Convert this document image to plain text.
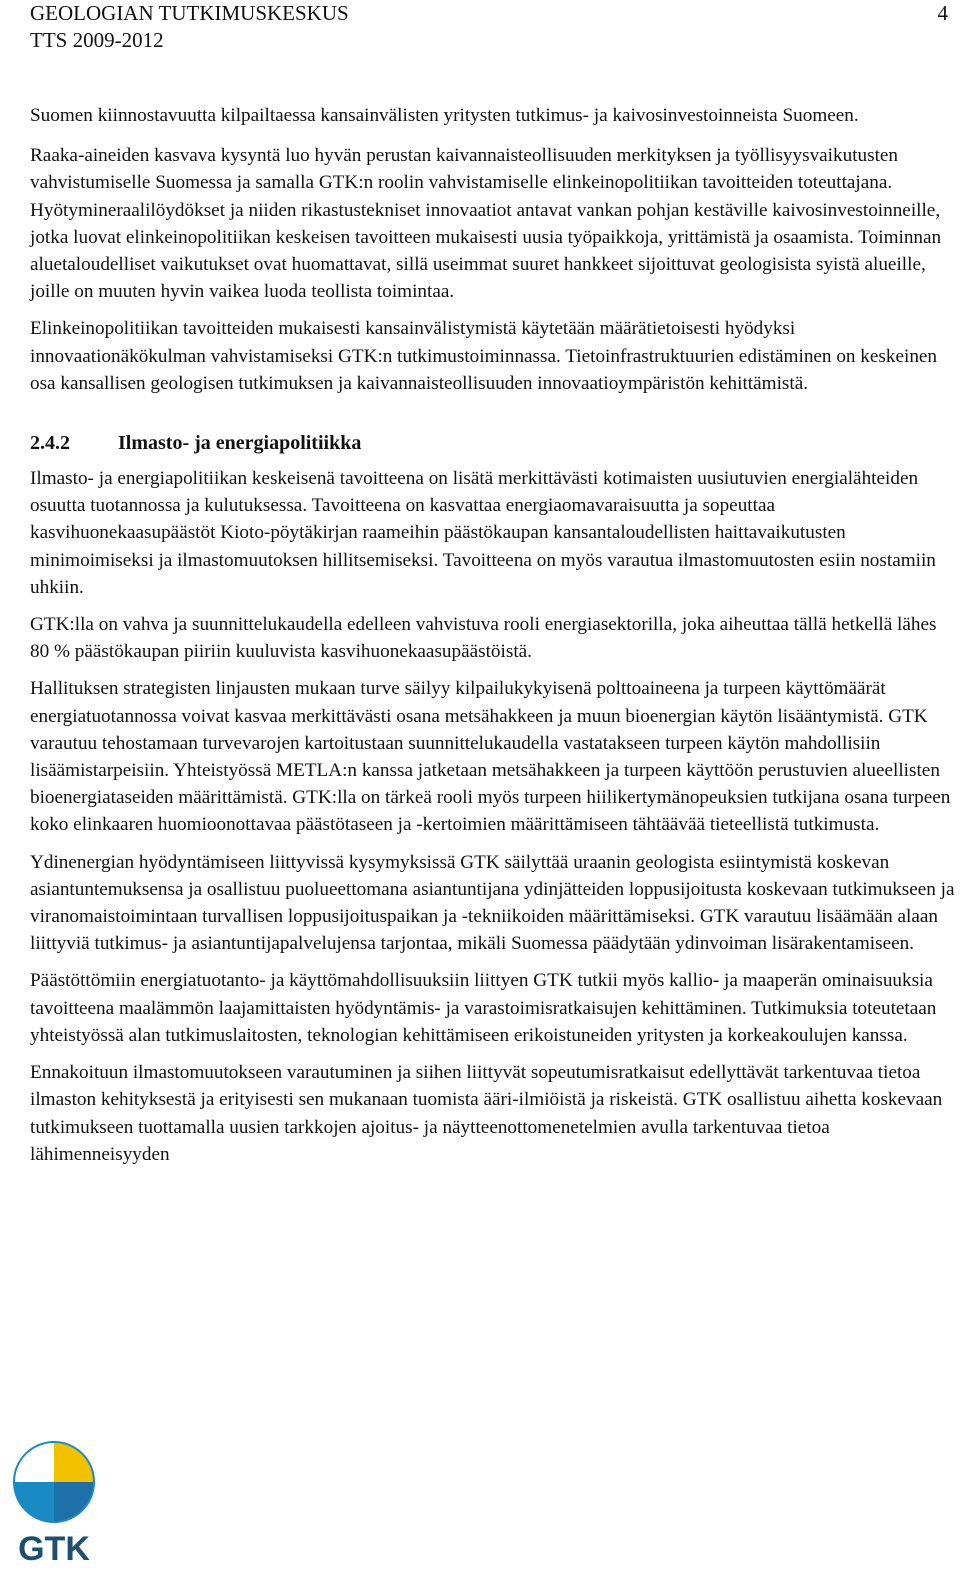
GEOLOGIAN TUTKIMUSKESKUS
TTS 2009-2012
4

Suomen kiinnostavuutta kilpailtaessa kansainvälisten yritysten tutkimus- ja kaivosinvestoinneista Suomeen.

Raaka-aineiden kasvava kysyntä luo hyvän perustan kaivannaisteollisuuden merkityksen ja työllisyysvaikutusten vahvistumiselle Suomessa ja samalla GTK:n roolin vahvistamiselle elinkeinopolitiikan tavoitteiden toteuttajana. Hyötymineraalilöydökset ja niiden rikastustekniset innovaatiot antavat vankan pohjan kestäville kaivosinvestoinneille, jotka luovat elinkeinopolitiikan keskeisen tavoitteen mukaisesti uusia työpaikkoja, yrittämistä ja osaamista. Toiminnan aluetaloudelliset vaikutukset ovat huomattavat, sillä useimmat suuret hankkeet sijoittuvat geologisista syistä alueille, joille on muuten hyvin vaikea luoda teollista toimintaa.

Elinkeinopolitiikan tavoitteiden mukaisesti kansainvälistymistä käytetään määrätietoisesti hyödyksi innovaationäkökulman vahvistamiseksi GTK:n tutkimustoiminnassa. Tietoinfrastruktuurien edistäminen on keskeinen osa kansallisen geologisen tutkimuksen ja kaivannaisteollisuuden innovaatioympäristön kehittämistä.

2.4.2 Ilmasto- ja energiapolitiikka

Ilmasto- ja energiapolitiikan keskeisenä tavoitteena on lisätä merkittävästi kotimaisten uusiutuvien energialähteiden osuutta tuotannossa ja kulutuksessa. Tavoitteena on kasvattaa energiaomavaraisuutta ja sopeuttaa kasvihuonekaasupäästöt Kioto-pöytäkirjan raameihin päästökaupan kansantaloudellisten haittavaikutusten minimoimiseksi ja ilmastomuutoksen hillitsemiseksi. Tavoitteena on myös varautua ilmastomuutosten esiin nostamiin uhkiin.

GTK:lla on vahva ja suunnittelukaudella edelleen vahvistuva rooli energiasektorilla, joka aiheuttaa tällä hetkellä lähes 80 % päästökaupan piiriin kuuluvista kasvihuonekaasupäästöistä.

Hallituksen strategisten linjausten mukaan turve säilyy kilpailukykyisenä polttoaineena ja turpeen käyttömäärät energiatuotannossa voivat kasvaa merkittävästi osana metsähakkeen ja muun bioenergian käytön lisääntymistä. GTK varautuu tehostamaan turvevarojen kartoitustaan suunnittelukaudella vastatakseen turpeen käytön mahdollisiin lisäämistarpeisiin. Yhteistyössä METLA:n kanssa jatketaan metsähakkeen ja turpeen käyttöön perustuvien alueellisten bioenergiataseiden määrittämistä. GTK:lla on tärkeä rooli myös turpeen hiilikertymänopeuksien tutkijana osana turpeen koko elinkaaren huomioonottavaa päästötaseen ja -kertoimien määrittämiseen tähtäävää tieteellistä tutkimusta.

Ydinenergian hyödyntämiseen liittyvissä kysymyksissä GTK säilyttää uraanin geologista esiintymistä koskevan asiantuntemuksensa ja osallistuu puolueettomana asiantuntijana ydinjätteiden loppusijoitusta koskevaan tutkimukseen ja viranomaistoimintaan turvallisen loppusijoituspaikan ja -tekniikoiden määrittämiseksi. GTK varautuu lisäämään alaan liittyviä tutkimus- ja asiantuntijapalvelujensa tarjontaa, mikäli Suomessa päädytään ydinvoiman lisärakentamiseen.

Päästöttömiin energiatuotanto- ja käyttömahdollisuuksiin liittyen GTK tutkii myös kallio- ja maaperän ominaisuuksia tavoitteena maalämmön laajamittaisten hyödyntämis- ja varastoimisratkaisujen kehittäminen. Tutkimuksia toteutetaan yhteistyössä alan tutkimuslaitosten, teknologian kehittämiseen erikoistuneiden yritysten ja korkeakoulujen kanssa.

Ennakoituun ilmastomuutokseen varautuminen ja siihen liittyvät sopeutumisratkaisut edellyttävät tarkentuvaa tietoa ilmaston kehityksestä ja erityisesti sen mukanaan tuomista ääri-ilmiöistä ja riskeistä. GTK osallistuu aihetta koskevaan tutkimukseen tuottamalla uusien tarkkojen ajoitus- ja näytteenottomenetelmien avulla tarkentuvaa tietoa lähimenneisyyden

GTK
